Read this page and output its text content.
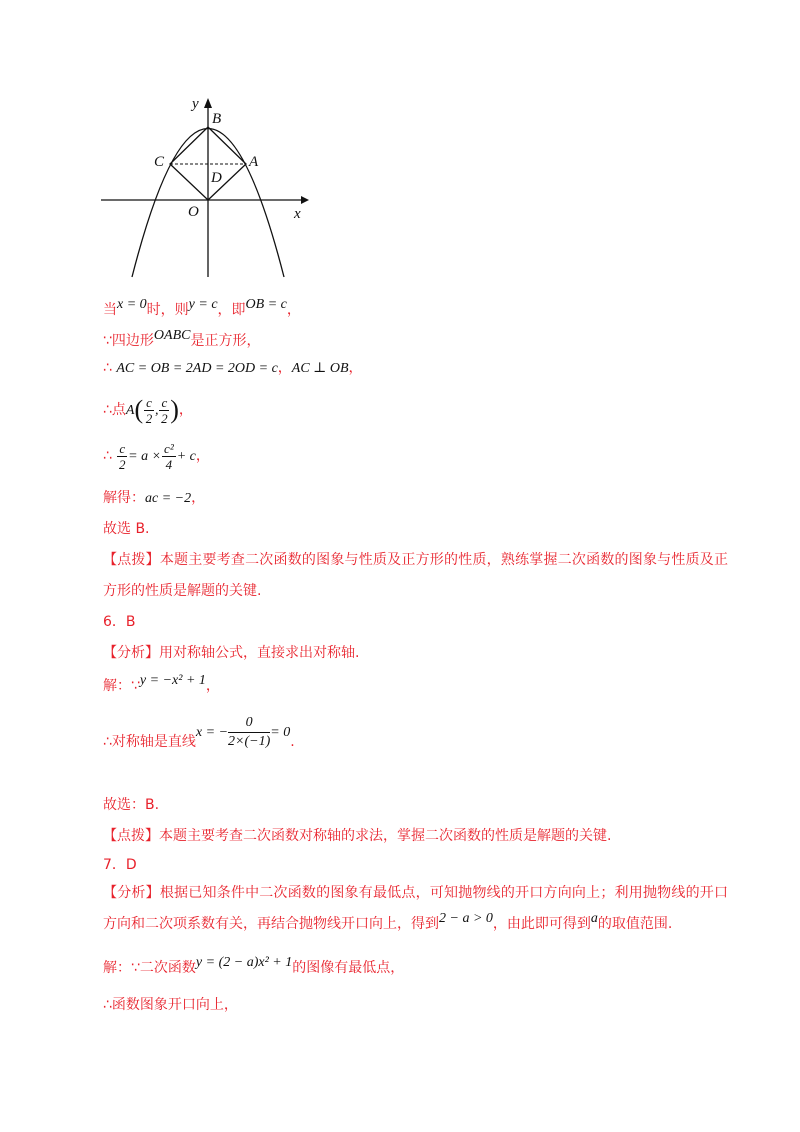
y
x
B
C	A
D
O
当x = 0时，则y = c，即OB = c，
∵四边形OABC是正方形，
∴ AC = OB = 2AD = 2OD = c，AC ⊥ OB，
∴点$A( \frac{c}{2}$ , $\frac{c}{2}$ )，
∴ $\frac{c}{2} = a \times \frac{\text{c²}}{4} + c$，
解得：ac = −2，
故选 B.
【点拨】本题主要考查二次函数的图象与性质及正方形的性质，熟练掌握二次函数的图象与性质及正方形的性质是解题的关键.
6．B
【分析】用对称轴公式，直接求出对称轴.
解：∵y = −x² + 1，
∴对称轴是直线x = − $\frac{0}{2\times(-1)} = 0$.
故选：B.
【点拨】本题主要考查二次函数对称轴的求法，掌握二次函数的性质是解题的关键.
7．D
【分析】根据已知条件中二次函数的图象有最低点，可知抛物线的开口方向向上；利用抛物线的开口方向和二次项系数有关，再结合抛物线开口向上，得到2 − a > 0，由此即可得到a的取值范围.
解：∵二次函数y = (2 − a)x² + 1的图像有最低点，
∴函数图象开口向上，
